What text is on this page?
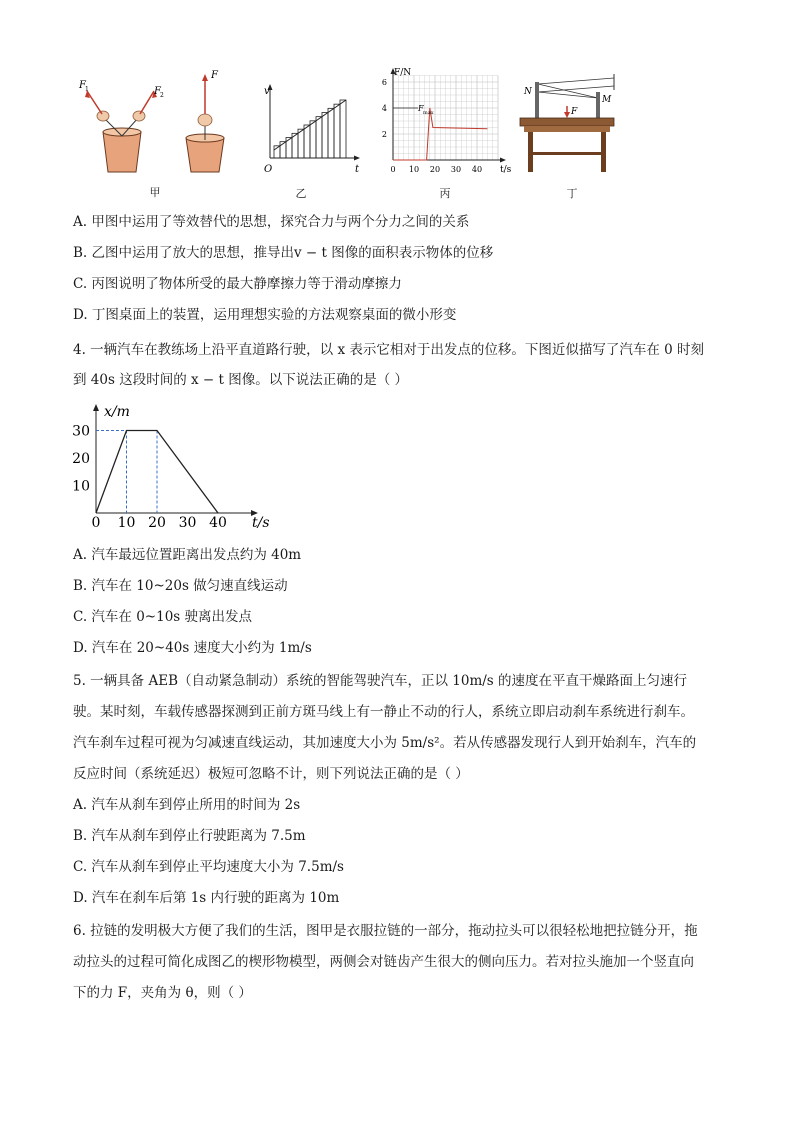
F 1	F 2
F
甲
v
t
O
乙
F/N
t/s
F max
6
4
2
0 10 20 30 40
丙
N
M
F
丁
A. 甲图中运用了等效替代的思想，探究合力与两个分力之间的关系
B. 乙图中运用了放大的思想，推导出v − t 图像的面积表示物体的位移
C. 丙图说明了物体所受的最大静摩擦力等于滑动摩擦力
D. 丁图桌面上的装置，运用理想实验的方法观察桌面的微小形变
4. 一辆汽车在教练场上沿平直道路行驶，以 x 表示它相对于出发点的位移。下图近似描写了汽车在 0 时刻
到 40s 这段时间的 x − t 图像。以下说法正确的是（ ）
0 10 20 30 40
10
20
30
x/m
t/s
A. 汽车最远位置距离出发点约为 40m
B. 汽车在 10~20s 做匀速直线运动
C. 汽车在 0~10s 驶离出发点
D. 汽车在 20~40s 速度大小约为 1m/s
5. 一辆具备 AEB（自动紧急制动）系统的智能驾驶汽车，正以 10m/s 的速度在平直干燥路面上匀速行
驶。某时刻，车载传感器探测到正前方斑马线上有一静止不动的行人，系统立即启动刹车系统进行刹车。
汽车刹车过程可视为匀减速直线运动，其加速度大小为 5m/s²。若从传感器发现行人到开始刹车，汽车的
反应时间（系统延迟）极短可忽略不计，则下列说法正确的是（ ）
A. 汽车从刹车到停止所用的时间为 2s
B. 汽车从刹车到停止行驶距离为 7.5m
C. 汽车从刹车到停止平均速度大小为 7.5m/s
D. 汽车在刹车后第 1s 内行驶的距离为 10m
6. 拉链的发明极大方便了我们的生活，图甲是衣服拉链的一部分，拖动拉头可以很轻松地把拉链分开，拖
动拉头的过程可简化成图乙的楔形物模型，两侧会对链齿产生很大的侧向压力。若对拉头施加一个竖直向
下的力 F，夹角为 θ，则（ ）
